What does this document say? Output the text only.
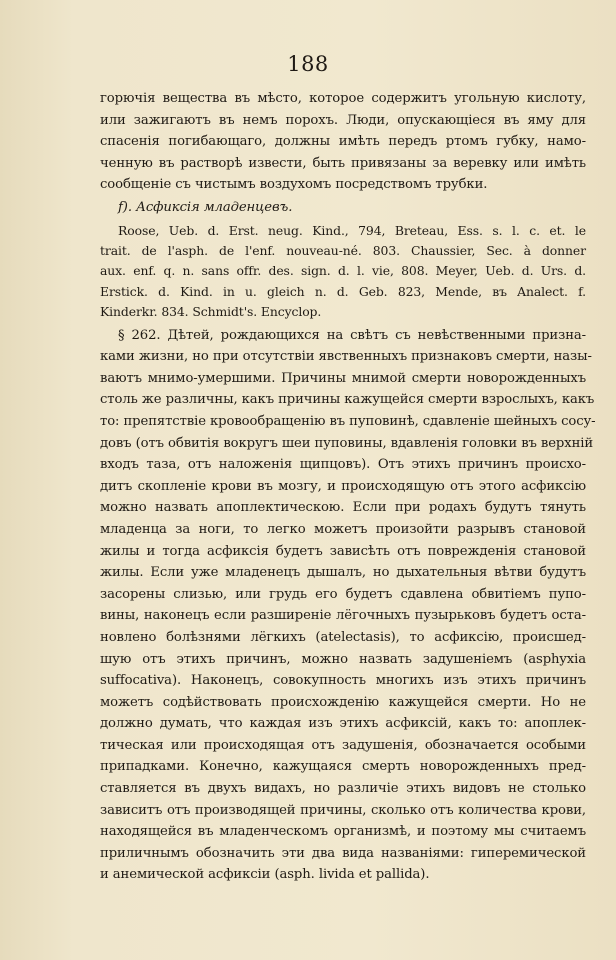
188
горючія вещества въ мѣсто, которое содержитъ угольную кислоту,
или зажигаютъ въ немъ порохъ. Люди, опускающіеся въ яму для
спасенія погибающаго, должны имѣть передъ ртомъ губку, намо-
ченную въ растворѣ извести, быть привязаны за веревку или имѣть
сообщеніе съ чистымъ воздухомъ посредствомъ трубки.
f). Асфиксія младенцевъ.
Roose, Ueb. d. Erst. neug. Kind., 794, Breteau, Ess. s. l. c. et. le
trait. de l'asph. de l'enf. nouveau-né. 803. Chaussier, Sec. à donner
aux. enf. q. n. sans offr. des. sign. d. l. vie, 808. Meyer, Ueb. d. Urs. d.
Erstick. d. Kind. in u. gleich n. d. Geb. 823, Mende, въ Analect. f.
Kinderkr. 834. Schmidt's. Encyclop.
§ 262. Дѣтей, рождающихся на свѣтъ съ невѣственными призна-
ками жизни, но при отсутствіи явственныхъ признаковъ смерти, назы-
ваютъ мнимо-умершими. Причины мнимой смерти новорожденныхъ
столь же различны, какъ причины кажущейся смерти взрослыхъ, какъ
то: препятствіе кровообращенію въ пуповинѣ, сдавленіе шейныхъ сосу-
довъ (отъ обвитія вокругъ шеи пуповины, вдавленія головки въ верхній
входъ таза, отъ наложенія щипцовъ). Отъ этихъ причинъ происхо-
дитъ скопленіе крови въ мозгу, и происходящую отъ этого асфиксію
можно назвать апоплектическою. Если при родахъ будутъ тянуть
младенца за ноги, то легко можетъ произойти разрывъ становой
жилы и тогда асфиксія будетъ зависѣть отъ поврежденія становой
жилы. Если уже младенецъ дышалъ, но дыхательныя вѣтви будутъ
засорены слизью, или грудь его будетъ сдавлена обвитіемъ пупо-
вины, наконецъ если разширеніе лёгочныхъ пузырьковъ будетъ оста-
новлено болѣзнями лёгкихъ (atelectasis), то асфиксію, происшед-
шую отъ этихъ причинъ, можно назвать задушеніемъ (asphyxia
suffocativa). Наконецъ, совокупность многихъ изъ этихъ причинъ
можетъ содѣйствовать происхожденію кажущейся смерти. Но не
должно думать, что каждая изъ этихъ асфиксій, какъ то: апоплек-
тическая или происходящая отъ задушенія, обозначается особыми
припадками. Конечно, кажущаяся смерть новорожденныхъ пред-
ставляется въ двухъ видахъ, но различіе этихъ видовъ не столько
зависитъ отъ производящей причины, сколько отъ количества крови,
находящейся въ младенческомъ организмѣ, и поэтому мы считаемъ
приличнымъ обозначить эти два вида названіями: гиперемической
и анемической асфиксіи (asph. livida et pallida).
